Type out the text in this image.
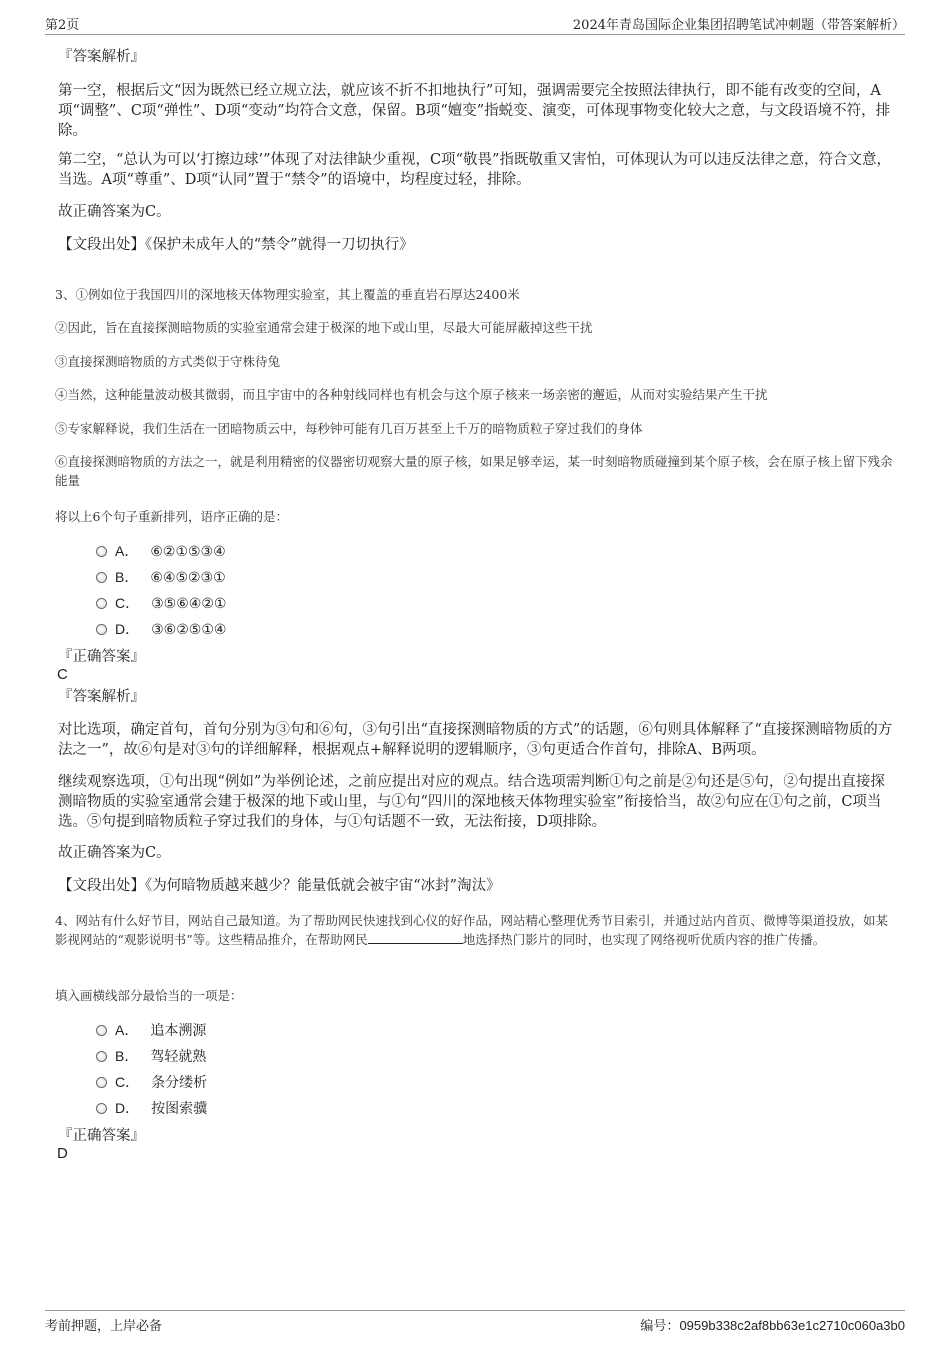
第2页	2024年青岛国际企业集团招聘笔试冲刺题（带答案解析）
『答案解析』

第一空，根据后文“因为既然已经立规立法，就应该不折不扣地执行”可知，强调需要完全按照法律执行，即不能有改变的空间，A项“调整”、C项“弹性”、D项“变动”均符合文意，保留。B项“嬗变”指蜕变、演变，可体现事物变化较大之意，与文段语境不符，排除。

第二空，“总认为可以‘打擦边球’”体现了对法律缺少重视，C项“敬畏”指既敬重又害怕，可体现认为可以违反法律之意，符合文意，当选。A项“尊重”、D项“认同”置于“禁令”的语境中，均程度过轻，排除。

故正确答案为C。

【文段出处】《保护未成年人的“禁令”就得一刀切执行》

3、①例如位于我国四川的深地核天体物理实验室，其上覆盖的垂直岩石厚达2400米

②因此，旨在直接探测暗物质的实验室通常会建于极深的地下或山里，尽最大可能屏蔽掉这些干扰

③直接探测暗物质的方式类似于守株待兔

④当然，这种能量波动极其微弱，而且宇宙中的各种射线同样也有机会与这个原子核来一场亲密的邂逅，从而对实验结果产生干扰

⑤专家解释说，我们生活在一团暗物质云中，每秒钟可能有几百万甚至上千万的暗物质粒子穿过我们的身体

⑥直接探测暗物质的方法之一，就是利用精密的仪器密切观察大量的原子核，如果足够幸运，某一时刻暗物质碰撞到某个原子核，会在原子核上留下残余能量

将以上6个句子重新排列，语序正确的是：

A． ⑥②①⑤③④
B． ⑥④⑤②③①
C． ③⑤⑥④②①
D． ③⑥②⑤①④
『正确答案』
C
『答案解析』

对比选项，确定首句，首句分别为③句和⑥句，③句引出“直接探测暗物质的方式”的话题，⑥句则具体解释了“直接探测暗物质的方法之一”，故⑥句是对③句的详细解释，根据观点+解释说明的逻辑顺序，③句更适合作首句，排除A、B两项。

继续观察选项，①句出现“例如”为举例论述，之前应提出对应的观点。结合选项需判断①句之前是②句还是⑤句，②句提出直接探测暗物质的实验室通常会建于极深的地下或山里，与①句“四川的深地核天体物理实验室”衔接恰当，故②句应在①句之前，C项当选。⑤句提到暗物质粒子穿过我们的身体，与①句话题不一致，无法衔接，D项排除。

故正确答案为C。

【文段出处】《为何暗物质越来越少？能量低就会被宇宙“冰封”淘汰》

4、网站有什么好节目，网站自己最知道。为了帮助网民快速找到心仪的好作品，网站精心整理优秀节目索引，并通过站内首页、微博等渠道投放，如某影视网站的“观影说明书”等。这些精品推介，在帮助网民	地选择热门影片的同时，也实现了网络视听优质内容的推广传播。

填入画横线部分最恰当的一项是：

A． 追本溯源
B． 驾轻就熟
C． 条分缕析
D． 按图索骥
『正确答案』
D
考前押题，上岸必备	编号：0959b338c2af8bb63e1c2710c060a3b0
